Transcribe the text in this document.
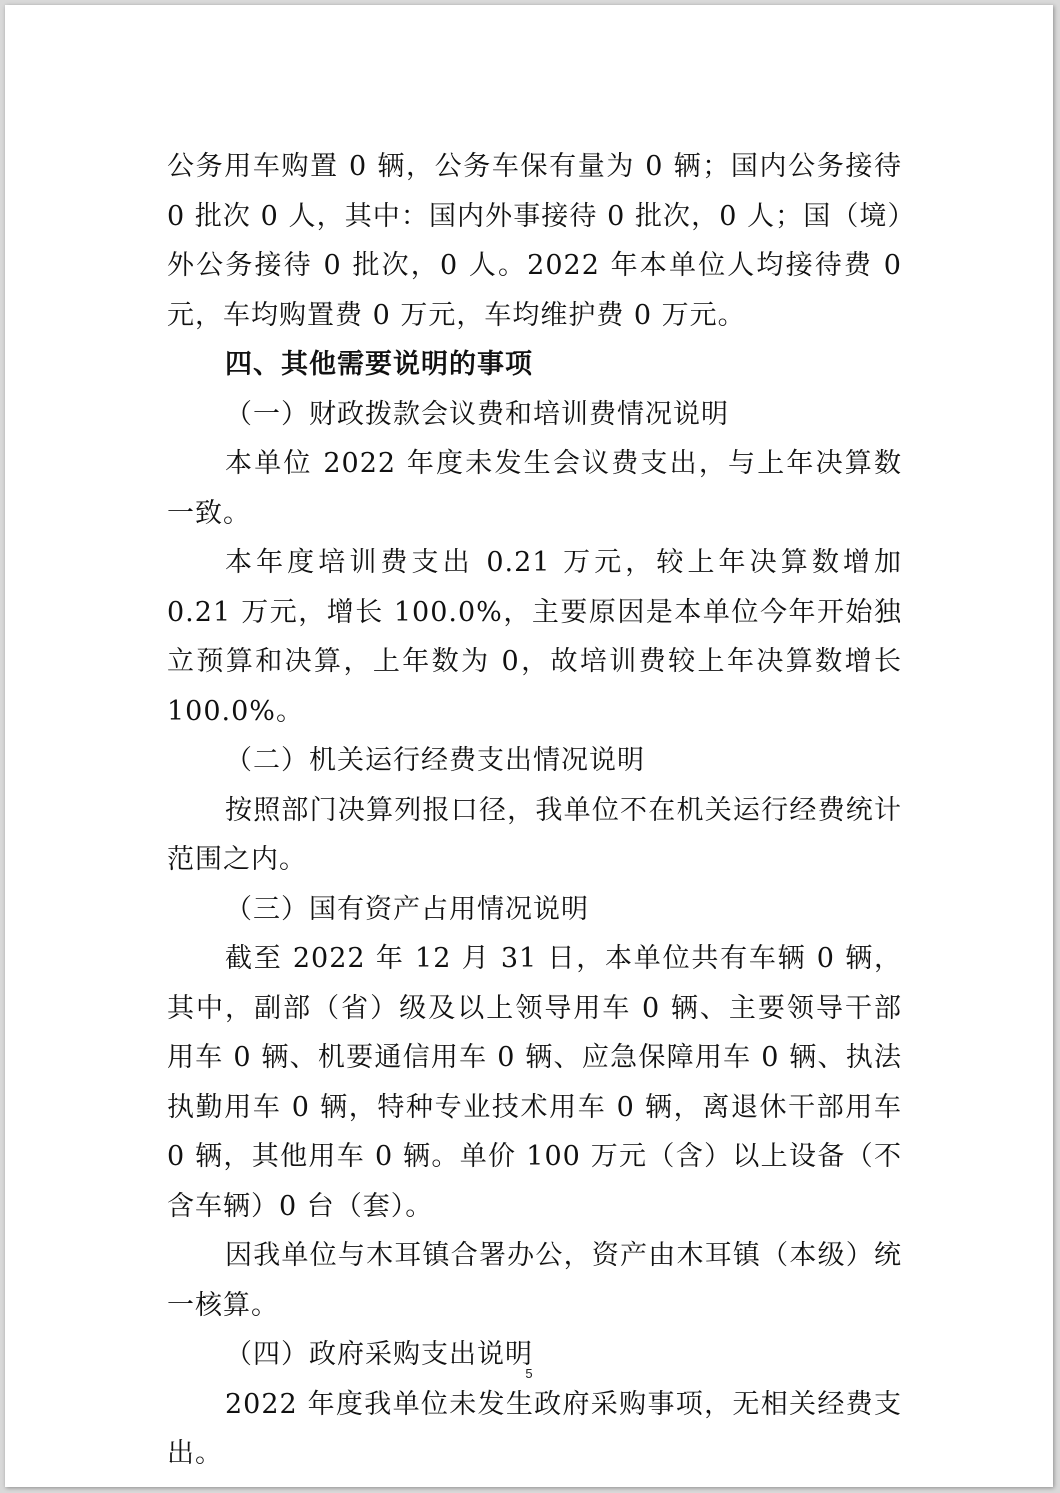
公务用车购置 0 辆，公务车保有量为 0 辆；国内公务接待 0 批次 0 人，其中：国内外事接待 0 批次，0 人；国（境）外公务接待 0 批次，0 人。2022 年本单位人均接待费 0 元，车均购置费 0 万元，车均维护费 0 万元。

四、其他需要说明的事项

（一）财政拨款会议费和培训费情况说明

本单位 2022 年度未发生会议费支出，与上年决算数一致。

本年度培训费支出 0.21 万元，较上年决算数增加 0.21 万元，增长 100.0%，主要原因是本单位今年开始独立预算和决算，上年数为 0，故培训费较上年决算数增长 100.0%。

（二）机关运行经费支出情况说明

按照部门决算列报口径，我单位不在机关运行经费统计范围之内。

（三）国有资产占用情况说明

截至 2022 年 12 月 31 日，本单位共有车辆 0 辆，其中，副部（省）级及以上领导用车 0 辆、主要领导干部用车 0 辆、机要通信用车 0 辆、应急保障用车 0 辆、执法执勤用车 0 辆，特种专业技术用车 0 辆，离退休干部用车 0 辆，其他用车 0 辆。单价 100 万元（含）以上设备（不含车辆）0 台（套）。

因我单位与木耳镇合署办公，资产由木耳镇（本级）统一核算。

（四）政府采购支出说明

2022 年度我单位未发生政府采购事项，无相关经费支出。

5
